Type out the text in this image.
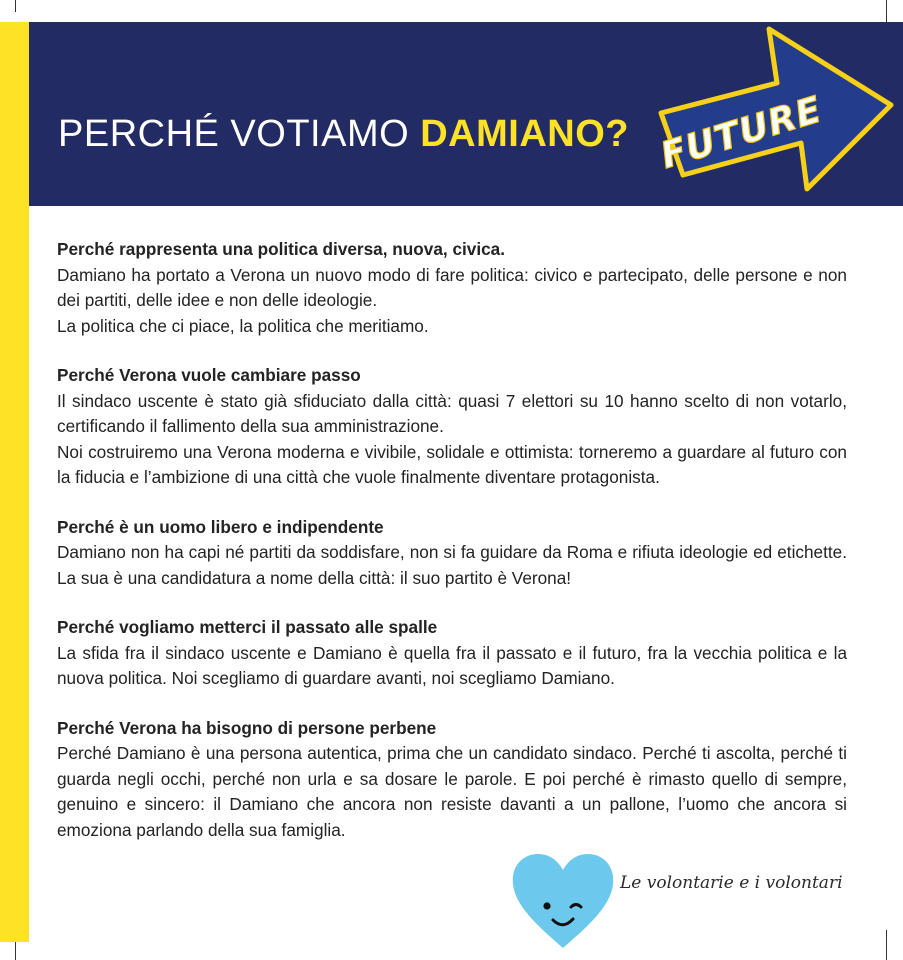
PERCHÉ VOTIAMO DAMIANO? FUTURE

Perché rappresenta una politica diversa, nuova, civica.

Damiano ha portato a Verona un nuovo modo di fare politica: civico e partecipato, delle persone e non dei partiti, delle idee e non delle ideologie.

La politica che ci piace, la politica che meritiamo.

Perché Verona vuole cambiare passo

Il sindaco uscente è stato già sfiduciato dalla città: quasi 7 elettori su 10 hanno scelto di non votarlo, certificando il fallimento della sua amministrazione.

Noi costruiremo una Verona moderna e vivibile, solidale e ottimista: torneremo a guardare al futuro con la fiducia e l’ambizione di una città che vuole finalmente diventare protagonista.

Perché è un uomo libero e indipendente

Damiano non ha capi né partiti da soddisfare, non si fa guidare da Roma e rifiuta ideologie ed etichette. La sua è una candidatura a nome della città: il suo partito è Verona!

Perché vogliamo metterci il passato alle spalle

La sfida fra il sindaco uscente e Damiano è quella fra il passato e il futuro, fra la vecchia politica e la nuova politica. Noi scegliamo di guardare avanti, noi scegliamo Damiano.

Perché Verona ha bisogno di persone perbene

Perché Damiano è una persona autentica, prima che un candidato sindaco. Perché ti ascolta, perché ti guarda negli occhi, perché non urla e sa dosare le parole. E poi perché è rimasto quello di sempre, genuino e sincero: il Damiano che ancora non resiste davanti a un pallone, l’uomo che ancora si emoziona parlando della sua famiglia.

Le volontarie e i volontari
